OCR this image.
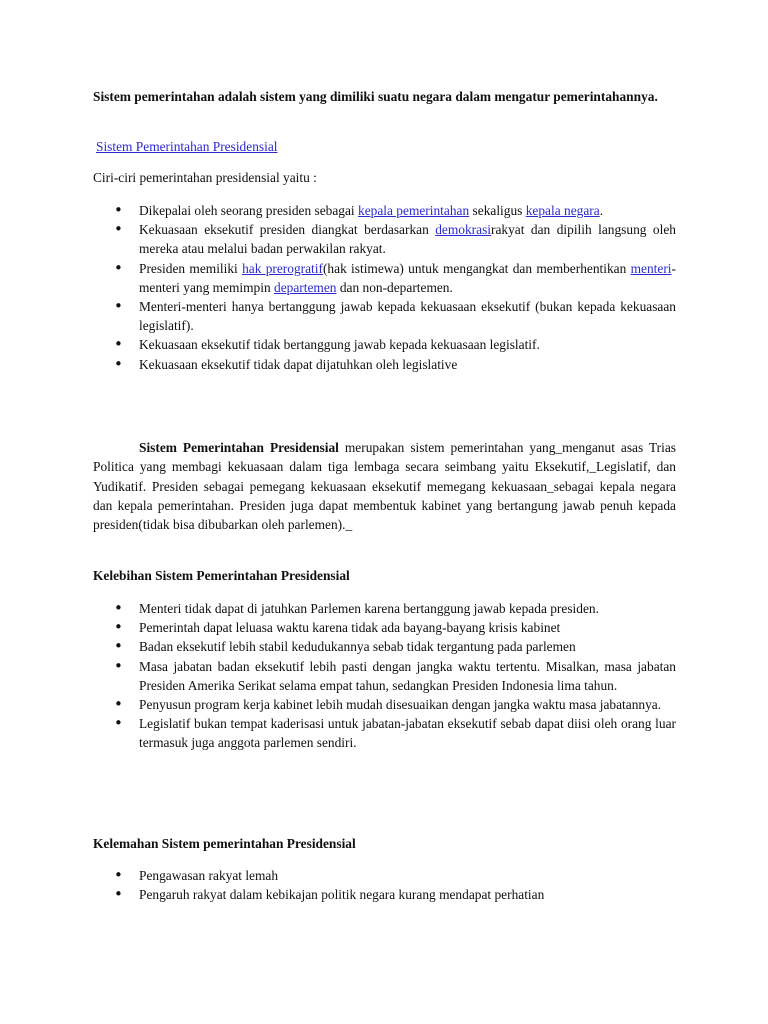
Sistem pemerintahan adalah sistem yang dimiliki suatu negara dalam mengatur pemerintahannya.

Sistem Pemerintahan Presidensial

Ciri-ciri pemerintahan presidensial yaitu :

• Dikepalai oleh seorang presiden sebagai kepala pemerintahan sekaligus kepala negara.
• Kekuasaan eksekutif presiden diangkat berdasarkan demokrasirakyat dan dipilih langsung oleh mereka atau melalui badan perwakilan rakyat.
• Presiden memiliki hak prerogratif(hak istimewa) untuk mengangkat dan memberhentikan menteri-menteri yang memimpin departemen dan non-departemen.
• Menteri-menteri hanya bertanggung jawab kepada kekuasaan eksekutif (bukan kepada kekuasaan legislatif).
• Kekuasaan eksekutif tidak bertanggung jawab kepada kekuasaan legislatif.
• Kekuasaan eksekutif tidak dapat dijatuhkan oleh legislative

Sistem Pemerintahan Presidensial merupakan sistem pemerintahan yang_menganut asas Trias Politica yang membagi kekuasaan dalam tiga lembaga secara seimbang yaitu Eksekutif,_Legislatif, dan Yudikatif. Presiden sebagai pemegang kekuasaan eksekutif memegang kekuasaan_sebagai kepala negara dan kepala pemerintahan. Presiden juga dapat membentuk kabinet yang bertangung jawab penuh kepada presiden(tidak bisa dibubarkan oleh parlemen)._

Kelebihan Sistem Pemerintahan Presidensial

• Menteri tidak dapat di jatuhkan Parlemen karena bertanggung jawab kepada presiden.
• Pemerintah dapat leluasa waktu karena tidak ada bayang-bayang krisis kabinet
• Badan eksekutif lebih stabil kedudukannya sebab tidak tergantung pada parlemen
• Masa jabatan badan eksekutif lebih pasti dengan jangka waktu tertentu. Misalkan, masa jabatan Presiden Amerika Serikat selama empat tahun, sedangkan Presiden Indonesia lima tahun.
• Penyusun program kerja kabinet lebih mudah disesuaikan dengan jangka waktu masa jabatannya.
• Legislatif bukan tempat kaderisasi untuk jabatan-jabatan eksekutif sebab dapat diisi oleh orang luar termasuk juga anggota parlemen sendiri.

Kelemahan Sistem pemerintahan Presidensial

• Pengawasan rakyat lemah
• Pengaruh rakyat dalam kebikajan politik negara kurang mendapat perhatian
